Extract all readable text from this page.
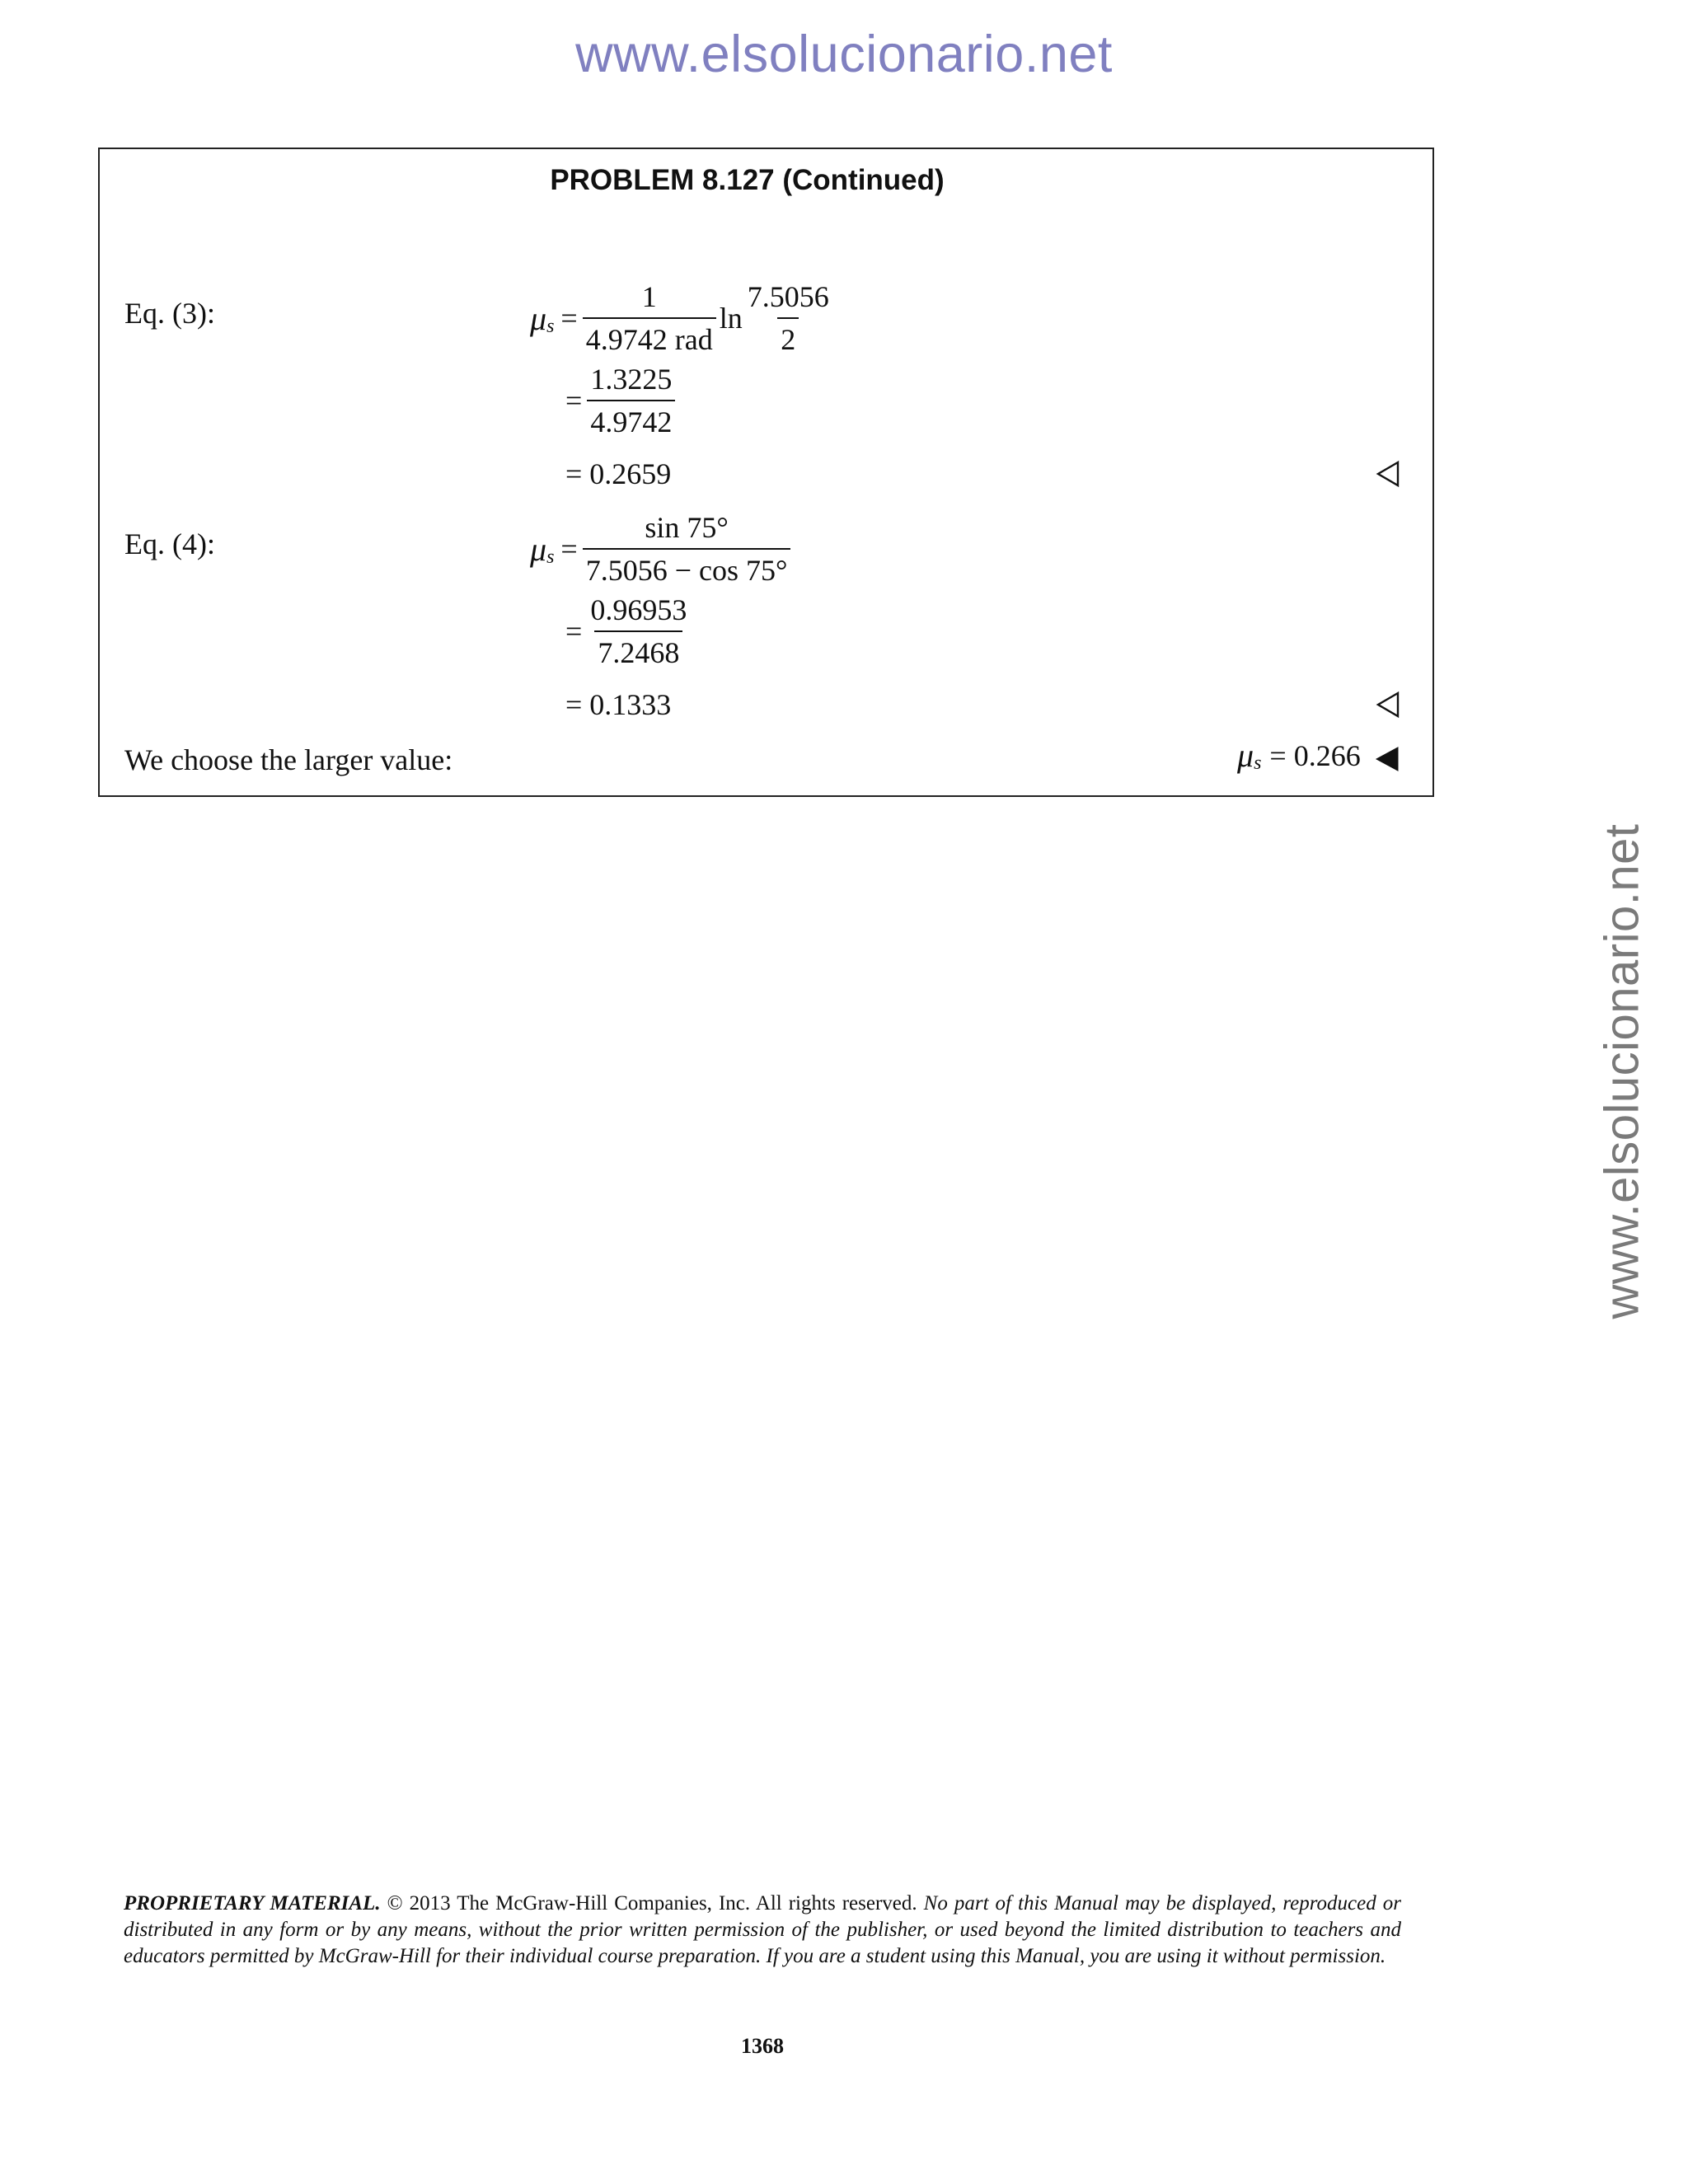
www.elsolucionario.net
www.elsolucionario.net
PROBLEM 8.127 (Continued)
Eq. (3):	μ $s = \frac{1}{\text{4.9742 rad}}$ $\ln \frac{7.5056}{2}$
= $\frac{1.3225}{4.9742}$
= 0.2659
Eq. (4):	μ $s = \frac{\sin 75^\circ}{7.5056 - \cos 75^\circ}$
= $\frac{0.96953}{7.2468}$
= 0.1333
We choose the larger value:	μ s = 0.266
PROPRIETARY MATERIAL. © 2013 The McGraw-Hill Companies, Inc. All rights reserved. No part of this Manual may be displayed, reproduced or distributed in any form or by any means, without the prior written permission of the publisher, or used beyond the limited distribution to teachers and educators permitted by McGraw-Hill for their individual course preparation. If you are a student using this Manual, you are using it without permission.
1368
